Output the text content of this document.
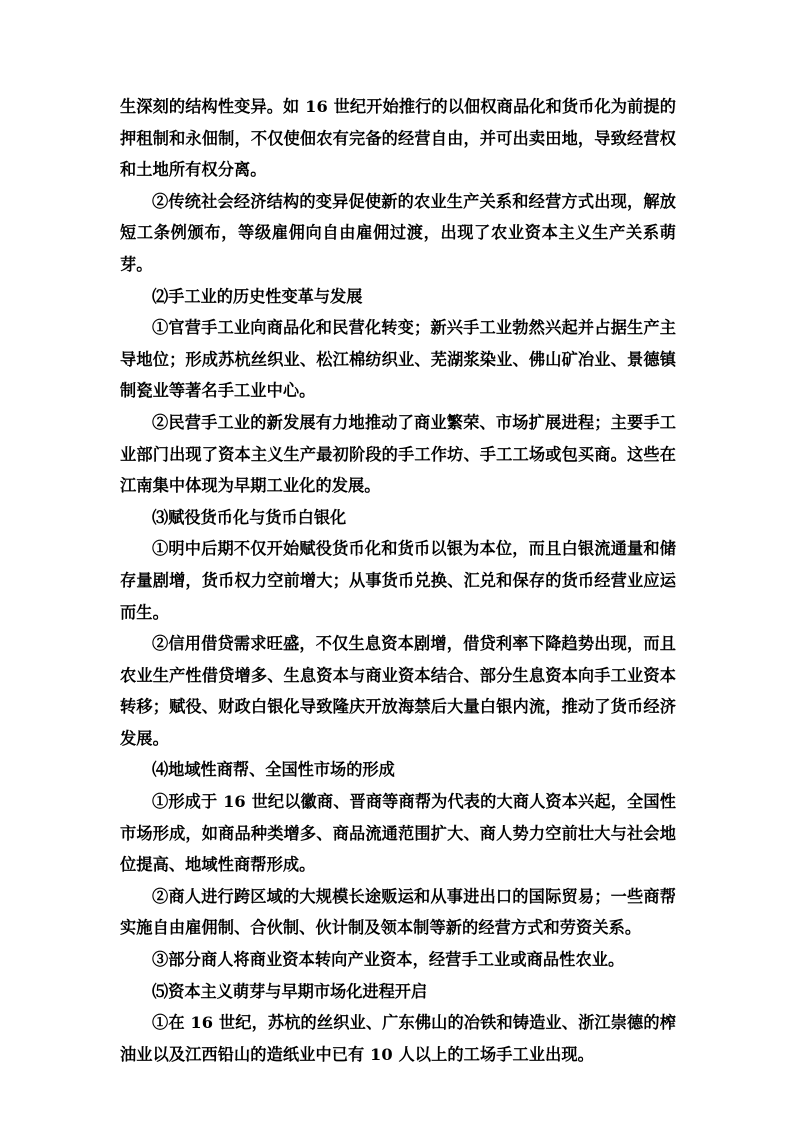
生深刻的结构性变异。如 16 世纪开始推行的以佃权商品化和货币化为前提的押租制和永佃制，不仅使佃农有完备的经营自由，并可出卖田地，导致经营权和土地所有权分离。

②传统社会经济结构的变异促使新的农业生产关系和经营方式出现，解放短工条例颁布，等级雇佣向自由雇佣过渡，出现了农业资本主义生产关系萌芽。

⑵手工业的历史性变革与发展

①官营手工业向商品化和民营化转变；新兴手工业勃然兴起并占据生产主导地位；形成苏杭丝织业、松江棉纺织业、芜湖浆染业、佛山矿冶业、景德镇制瓷业等著名手工业中心。

②民营手工业的新发展有力地推动了商业繁荣、市场扩展进程；主要手工业部门出现了资本主义生产最初阶段的手工作坊、手工工场或包买商。这些在江南集中体现为早期工业化的发展。

⑶赋役货币化与货币白银化

①明中后期不仅开始赋役货币化和货币以银为本位，而且白银流通量和储存量剧增，货币权力空前增大；从事货币兑换、汇兑和保存的货币经营业应运而生。

②信用借贷需求旺盛，不仅生息资本剧增，借贷利率下降趋势出现，而且农业生产性借贷增多、生息资本与商业资本结合、部分生息资本向手工业资本转移；赋役、财政白银化导致隆庆开放海禁后大量白银内流，推动了货币经济发展。

⑷地域性商帮、全国性市场的形成

①形成于 16 世纪以徽商、晋商等商帮为代表的大商人资本兴起，全国性市场形成，如商品种类增多、商品流通范围扩大、商人势力空前壮大与社会地位提高、地域性商帮形成。

②商人进行跨区域的大规模长途贩运和从事进出口的国际贸易；一些商帮实施自由雇佣制、合伙制、伙计制及领本制等新的经营方式和劳资关系。

③部分商人将商业资本转向产业资本，经营手工业或商品性农业。

⑸资本主义萌芽与早期市场化进程开启

①在 16 世纪，苏杭的丝织业、广东佛山的冶铁和铸造业、浙江崇德的榨油业以及江西铅山的造纸业中已有 10 人以上的工场手工业出现。
